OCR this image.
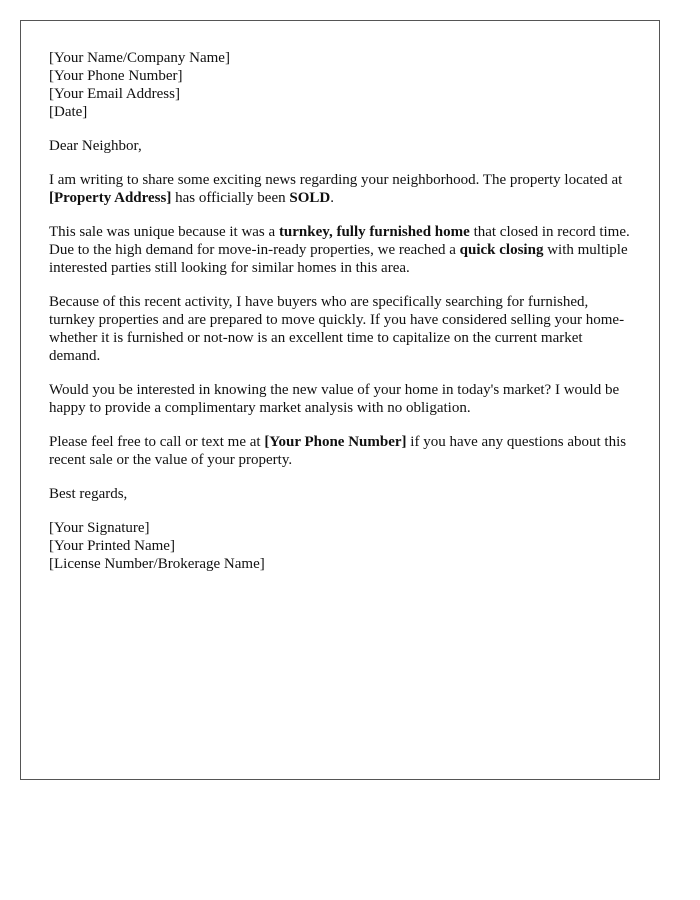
[Your Name/Company Name]
[Your Phone Number]
[Your Email Address]
[Date]

Dear Neighbor,

I am writing to share some exciting news regarding your neighborhood. The property located at [Property Address] has officially been SOLD.

This sale was unique because it was a turnkey, fully furnished home that closed in record time. Due to the high demand for move-in-ready properties, we reached a quick closing with multiple interested parties still looking for similar homes in this area.

Because of this recent activity, I have buyers who are specifically searching for furnished, turnkey properties and are prepared to move quickly. If you have considered selling your home-whether it is furnished or not-now is an excellent time to capitalize on the current market demand.

Would you be interested in knowing the new value of your home in today's market? I would be happy to provide a complimentary market analysis with no obligation.

Please feel free to call or text me at [Your Phone Number] if you have any questions about this recent sale or the value of your property.

Best regards,

[Your Signature]
[Your Printed Name]
[License Number/Brokerage Name]
